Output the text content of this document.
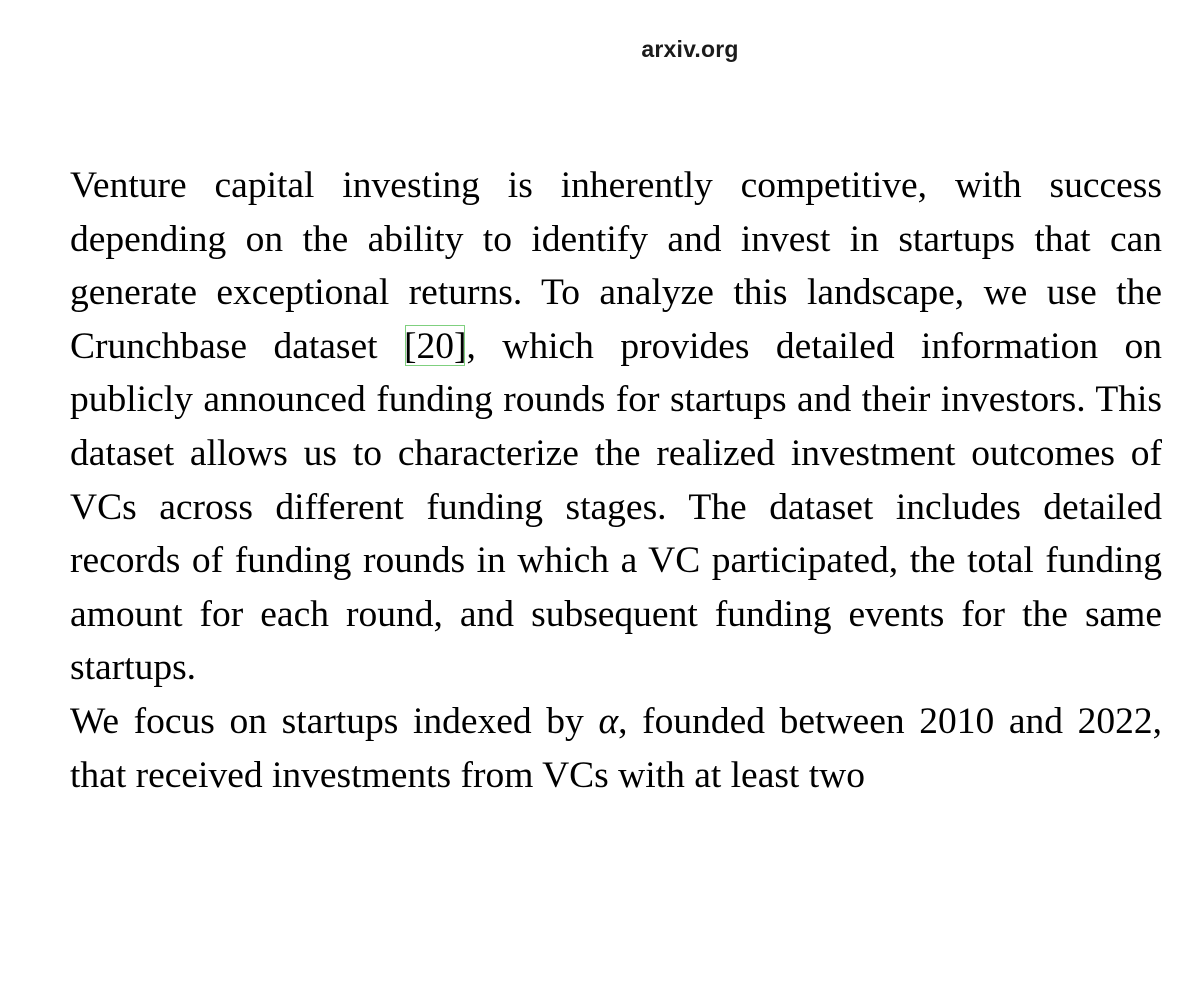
arxiv.org

Venture capital investing is inherently competitive, with success depending on the ability to identify and invest in startups that can generate exceptional returns. To analyze this landscape, we use the Crunchbase dataset [20], which provides detailed information on publicly announced funding rounds for startups and their investors. This dataset allows us to characterize the realized investment outcomes of VCs across different funding stages. The dataset includes detailed records of funding rounds in which a VC participated, the total funding amount for each round, and subsequent funding events for the same startups.

We focus on startups indexed by α, founded between 2010 and 2022, that received investments from VCs with at least two
